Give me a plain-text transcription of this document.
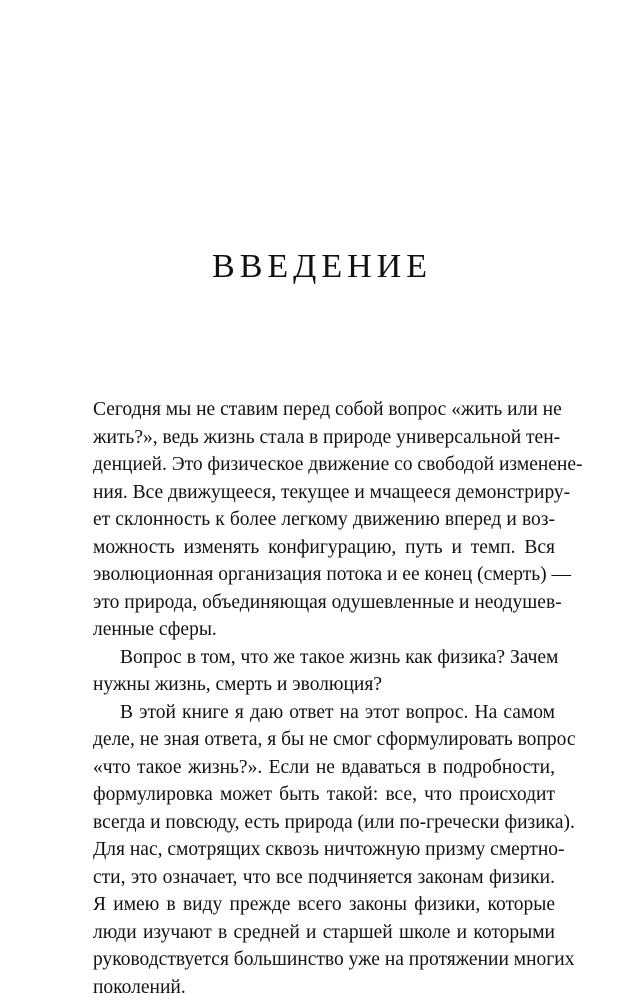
ВВЕДЕНИЕ
Сегодня мы не ставим перед собой вопрос «жить или не
жить?», ведь жизнь стала в природе универсальной тен-
денцией. Это физическое движение со свободой изменене-
ния. Все движущееся, текущее и мчащееся демонстриру-
ет склонность к более легкому движению вперед и воз-
можность изменять конфигурацию, путь и темп. Вся
эволюционная организация потока и ее конец (смерть) —
это природа, объединяющая одушевленные и неодушев-
ленные сферы.
Вопрос в том, что же такое жизнь как физика? Зачем
нужны жизнь, смерть и эволюция?
В этой книге я даю ответ на этот вопрос. На самом
деле, не зная ответа, я бы не смог сформулировать вопрос
«что такое жизнь?». Если не вдаваться в подробности,
формулировка может быть такой: все, что происходит
всегда и повсюду, есть природа (или по-гречески физика).
Для нас, смотрящих сквозь ничтожную призму смертно-
сти, это означает, что все подчиняется законам физики.
Я имею в виду прежде всего законы физики, которые
люди изучают в средней и старшей школе и которыми
руководствуется большинство уже на протяжении многих
поколений.
